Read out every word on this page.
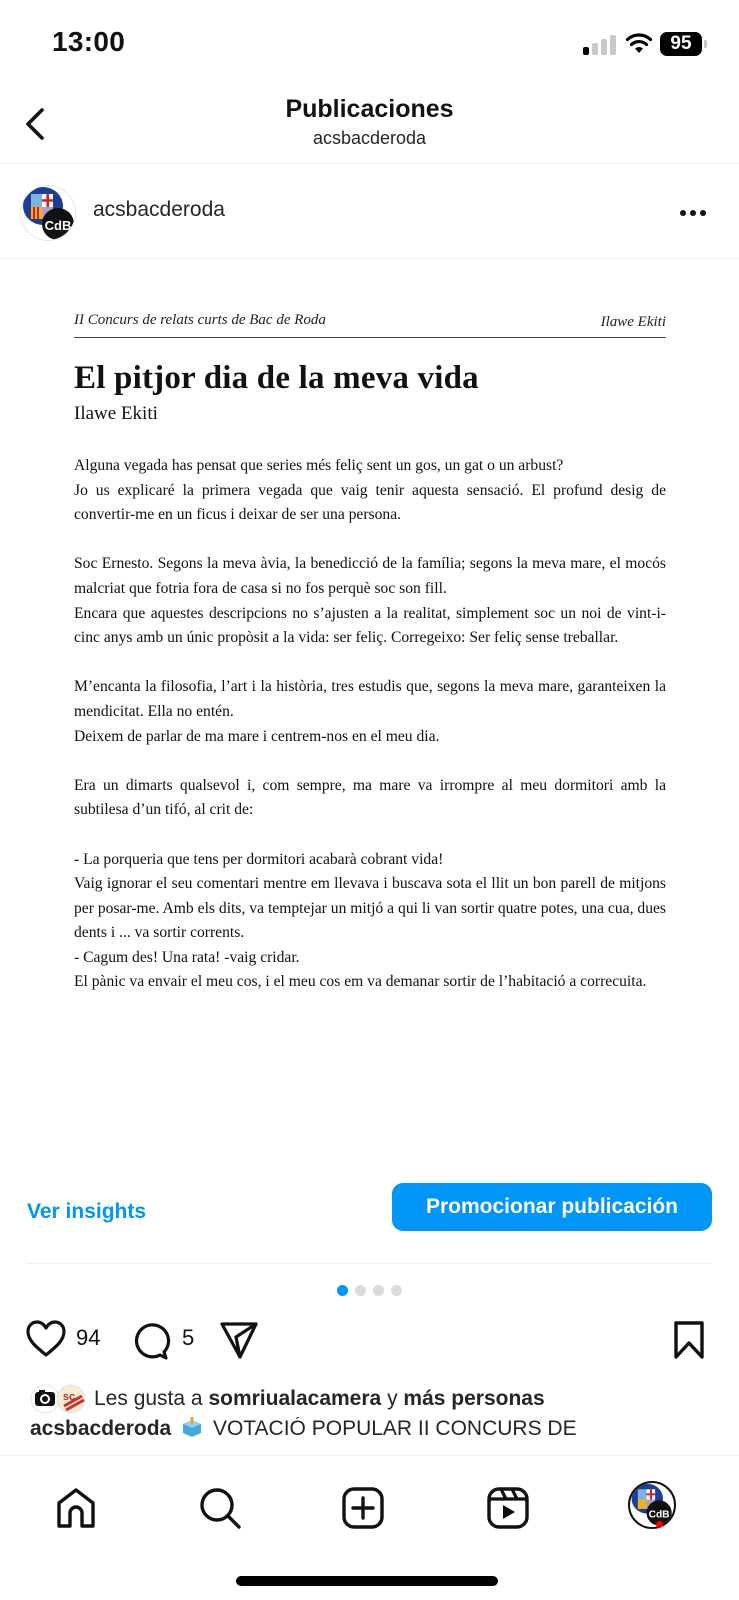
13:00	95
Publicaciones
acsbacderoda
CdB
acsbacderoda
II Concurs de relats curts de Bac de Roda	Ilawe Ekiti
El pitjor dia de la meva vida
Ilawe Ekiti

Alguna vegada has pensat que series més feliç sent un gos, un gat o un arbust?
Jo us explicaré la primera vegada que vaig tenir aquesta sensació. El profund desig de convertir-me en un ficus i deixar de ser una persona.

Soc Ernesto. Segons la meva àvia, la benedicció de la família; segons la meva mare, el mocós malcriat que fotria fora de casa si no fos perquè soc son fill.
Encara que aquestes descripcions no s’ajusten a la realitat, simplement soc un noi de vint-i-cinc anys amb un únic propòsit a la vida: ser feliç. Corregeixo: Ser feliç sense treballar.

M’encanta la filosofia, l’art i la història, tres estudis que, segons la meva mare, garanteixen la mendicitat. Ella no entén.
Deixem de parlar de ma mare i centrem-nos en el meu dia.

Era un dimarts qualsevol i, com sempre, ma mare va irrompre al meu dormitori amb la subtilesa d’un tifó, al crit de:

- La porqueria que tens per dormitori acabarà cobrant vida!
Vaig ignorar el seu comentari mentre em llevava i buscava sota el llit un bon parell de mitjons per posar-me. Amb els dits, va temptejar un mitjó a qui li van sortir quatre potes, una cua, dues dents i ... va sortir corrents.
- Cagum des! Una rata! -vaig cridar.
El pànic va envair el meu cos, i el meu cos em va demanar sortir de l’habitació a correcuita.

Ver insights	Promocionar publicación
94	5
sc Les gusta a
somriualacamera
y
más personas
acsbacderoda VOTACIÓ POPULAR II CONCURS DE
CdB
